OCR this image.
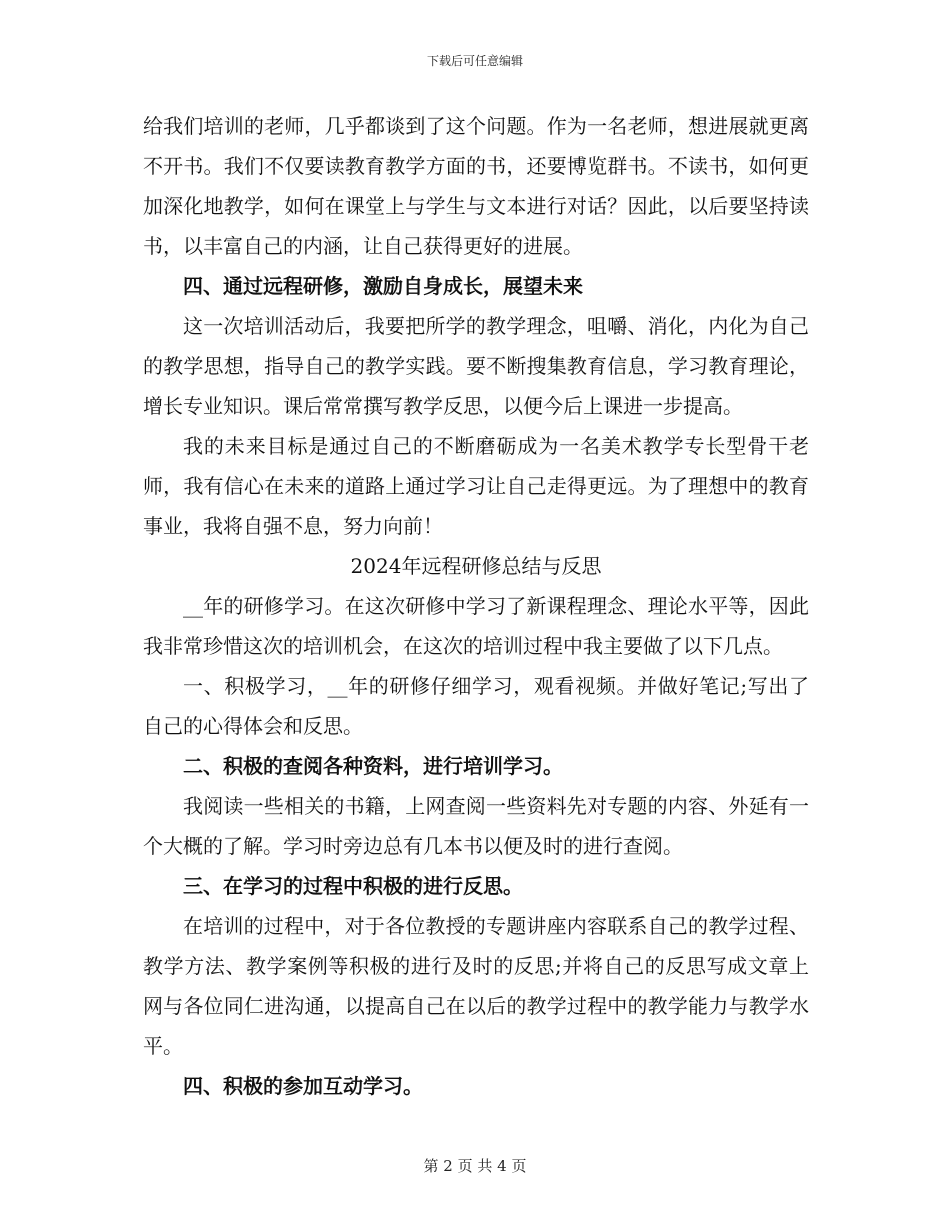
下载后可任意编辑

给我们培训的老师，几乎都谈到了这个问题。作为一名老师，想进展就更离不开书。我们不仅要读教育教学方面的书，还要博览群书。不读书，如何更加深化地教学，如何在课堂上与学生与文本进行对话？因此，以后要坚持读书，以丰富自己的内涵，让自己获得更好的进展。

四、通过远程研修，激励自身成长，展望未来

这一次培训活动后，我要把所学的教学理念，咀嚼、消化，内化为自己的教学思想，指导自己的教学实践。要不断搜集教育信息，学习教育理论，增长专业知识。课后常常撰写教学反思，以便今后上课进一步提高。

我的未来目标是通过自己的不断磨砺成为一名美术教学专长型骨干老师，我有信心在未来的道路上通过学习让自己走得更远。为了理想中的教育事业，我将自强不息，努力向前！

2024年远程研修总结与反思

__年的研修学习。在这次研修中学习了新课程理念、理论水平等，因此我非常珍惜这次的培训机会，在这次的培训过程中我主要做了以下几点。

一、积极学习，__年的研修仔细学习，观看视频。并做好笔记;写出了自己的心得体会和反思。

二、积极的查阅各种资料，进行培训学习。

我阅读一些相关的书籍，上网查阅一些资料先对专题的内容、外延有一个大概的了解。学习时旁边总有几本书以便及时的进行查阅。

三、在学习的过程中积极的进行反思。

在培训的过程中，对于各位教授的专题讲座内容联系自己的教学过程、教学方法、教学案例等积极的进行及时的反思;并将自己的反思写成文章上网与各位同仁进沟通，以提高自己在以后的教学过程中的教学能力与教学水平。

四、积极的参加互动学习。

第 2 页 共 4 页
